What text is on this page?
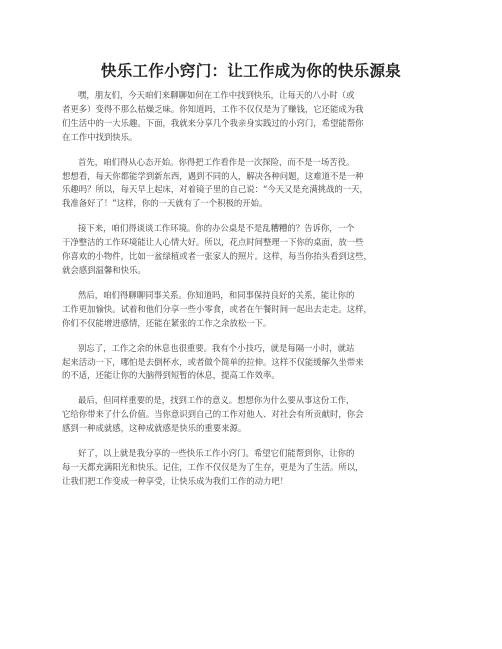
快乐工作小窍门：让工作成为你的快乐源泉
嘿，朋友们，今天咱们来聊聊如何在工作中找到快乐，让每天的八小时（或
者更多）变得不那么枯燥乏味。你知道吗，工作不仅仅是为了赚钱，它还能成为我
们生活中的一大乐趣。下面，我就来分享几个我亲身实践过的小窍门，希望能帮你
在工作中找到快乐。
首先，咱们得从心态开始。你得把工作看作是一次探险，而不是一场苦役。
想想看，每天你都能学到新东西，遇到不同的人，解决各种问题，这难道不是一种
乐趣吗？所以，每天早上起床，对着镜子里的自己说：“今天又是充满挑战的一天，
我准备好了！”这样，你的一天就有了一个积极的开始。
接下来，咱们得谈谈工作环境。你的办公桌是不是乱糟糟的？告诉你，一个
干净整洁的工作环境能让人心情大好。所以，花点时间整理一下你的桌面，放一些
你喜欢的小物件，比如一盆绿植或者一张家人的照片。这样，每当你抬头看到这些，
就会感到温馨和快乐。
然后，咱们得聊聊同事关系。你知道吗，和同事保持良好的关系，能让你的
工作更加愉快。试着和他们分享一些小零食，或者在午餐时间一起出去走走。这样，
你们不仅能增进感情，还能在紧张的工作之余放松一下。
别忘了，工作之余的休息也很重要。我有个小技巧，就是每隔一小时，就站
起来活动一下，哪怕是去倒杯水，或者做个简单的拉伸。这样不仅能缓解久坐带来
的不适，还能让你的大脑得到短暂的休息，提高工作效率。
最后，但同样重要的是，找到工作的意义。想想你为什么要从事这份工作，
它给你带来了什么价值。当你意识到自己的工作对他人、对社会有所贡献时，你会
感到一种成就感，这种成就感是快乐的重要来源。
好了，以上就是我分享的一些快乐工作小窍门。希望它们能帮到你，让你的
每一天都充满阳光和快乐。记住，工作不仅仅是为了生存，更是为了生活。所以，
让我们把工作变成一种享受，让快乐成为我们工作的动力吧！
